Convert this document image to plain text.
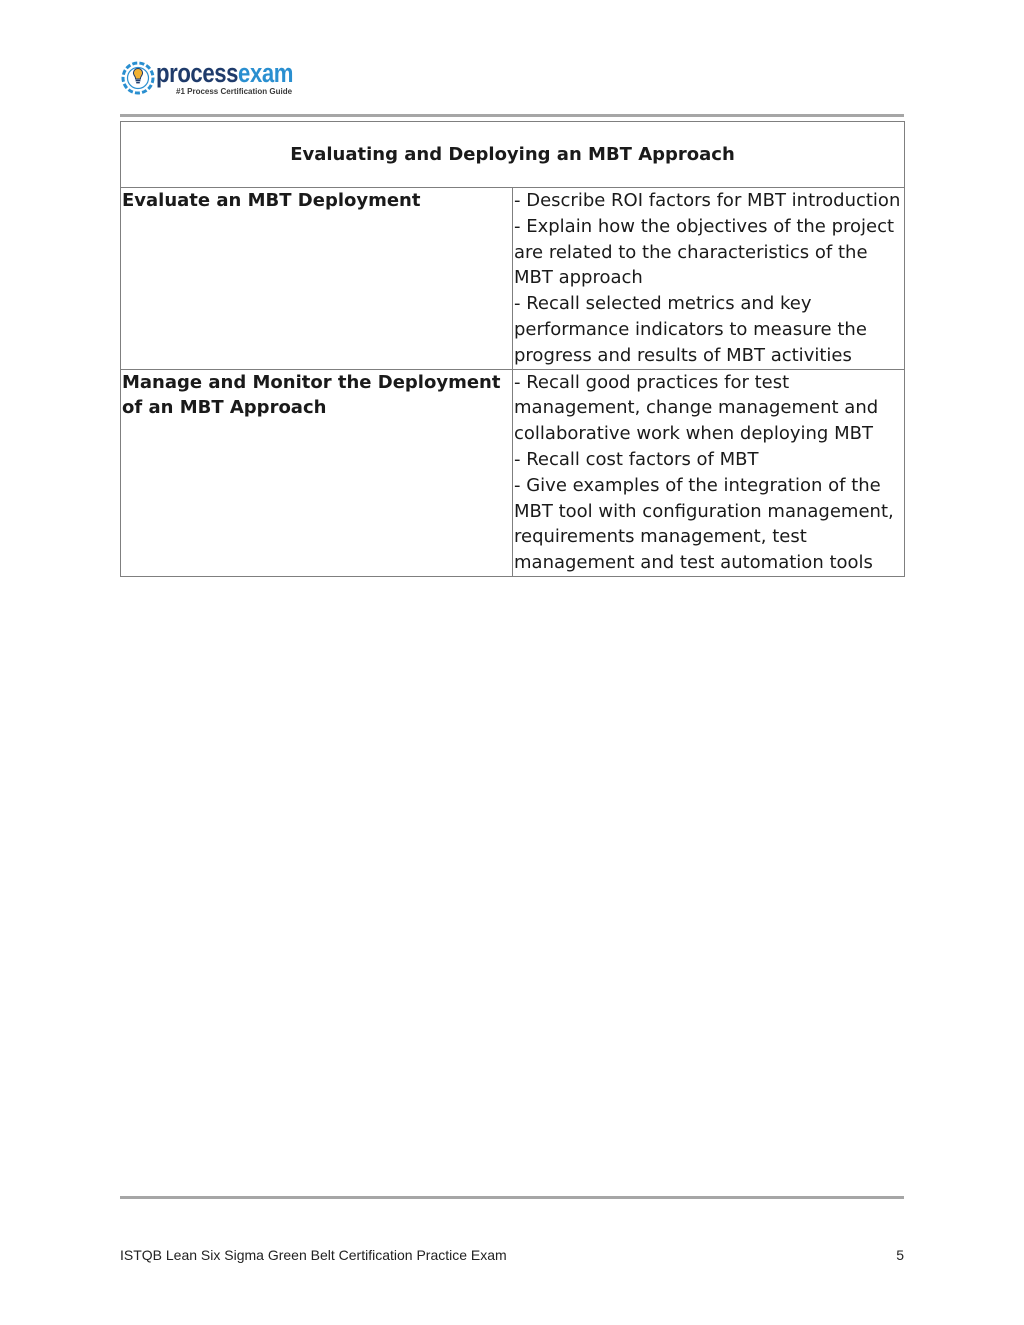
processexam
#1 Process Certification Guide
Evaluating and Deploying an MBT Approach	
Evaluate an MBT Deployment	- Describe ROI factors for MBT introduction
- Explain how the objectives of the project are related to the characteristics of the MBT approach
- Recall selected metrics and key performance indicators to measure the progress and results of MBT activities

Manage and Monitor the Deployment of an MBT Approach	- Recall good practices for test management, change management and collaborative work when deploying MBT
- Recall cost factors of MBT
- Give examples of the integration of the MBT tool with configuration management, requirements management, test management and test automation tools
ISTQB Lean Six Sigma Green Belt Certification Practice Exam	5
